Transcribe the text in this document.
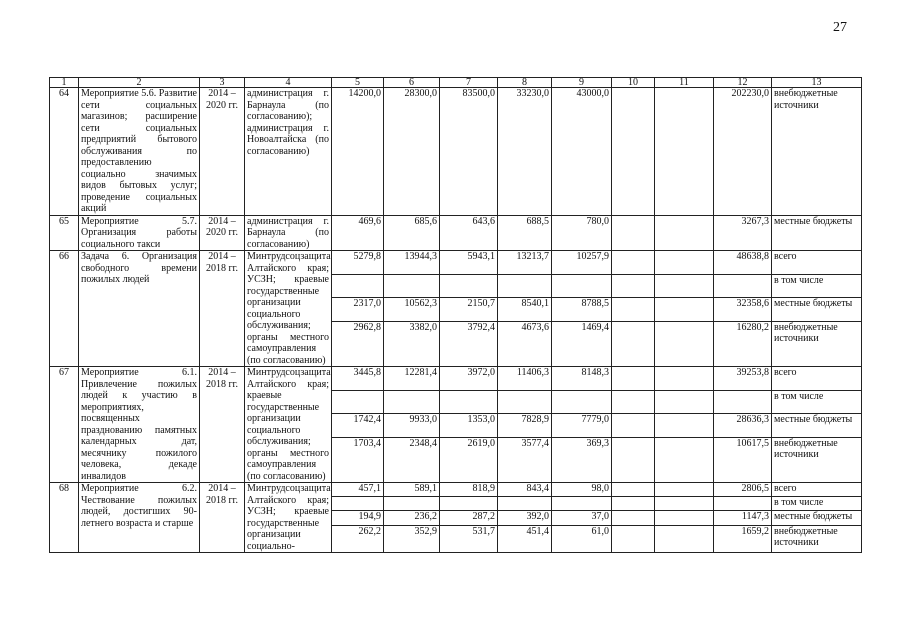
27
1	2	3	4	5	6	7	8	9	10	11	12	13
64	Мероприятие 5.6. Развитие сети социальных магазинов; расширение сети социальных предприятий бытового обслуживания по предоставлению социально значимых видов бытовых услуг; проведение социальных акций	2014 – 2020 гг.	администрация г. Барнаула (по согласованию); администрация г. Новоалтайска (по согласованию)	14200,0	28300,0	83500,0	33230,0	43000,0			202230,0	внебюджетные источники
65	Мероприятие 5.7. Организация работы социального такси	2014 – 2020 гг.	администрация г. Барнаула (по согласованию)	469,6	685,6	643,6	688,5	780,0			3267,3	местные бюджеты
66	Задача 6. Организация свободного времени пожилых людей	2014 – 2018 гг.	Минтрудсоцзащита Алтайского края; УСЗН; краевые государственные организации социального обслуживания; органы местного самоуправления (по согласованию)	5279,8	13944,3	5943,1	13213,7	10257,9			48638,8	всего
												в том числе
				2317,0	10562,3	2150,7	8540,1	8788,5			32358,6	местные бюджеты
				2962,8	3382,0	3792,4	4673,6	1469,4			16280,2	внебюджетные источники
67	Мероприятие 6.1. Привлечение пожилых людей к участию в мероприятиях, посвященных празднованию памятных календарных дат, месячнику пожилого человека, декаде инвалидов	2014 – 2018 гг.	Минтрудсоцзащита Алтайского края; краевые государственные организации социального обслуживания; органы местного самоуправления (по согласованию)	3445,8	12281,4	3972,0	11406,3	8148,3			39253,8	всего
												в том числе
				1742,4	9933,0	1353,0	7828,9	7779,0			28636,3	местные бюджеты
				1703,4	2348,4	2619,0	3577,4	369,3			10617,5	внебюджетные источники
68	Мероприятие 6.2. Чествование пожилых людей, достигших 90-летнего возраста и старше	2014 – 2018 гг.	Минтрудсоцзащита Алтайского края; УСЗН; краевые государственные организации социально-	457,1	589,1	818,9	843,4	98,0			2806,5	всего
												в том числе
				194,9	236,2	287,2	392,0	37,0			1147,3	местные бюджеты
				262,2	352,9	531,7	451,4	61,0			1659,2	внебюджетные источники
